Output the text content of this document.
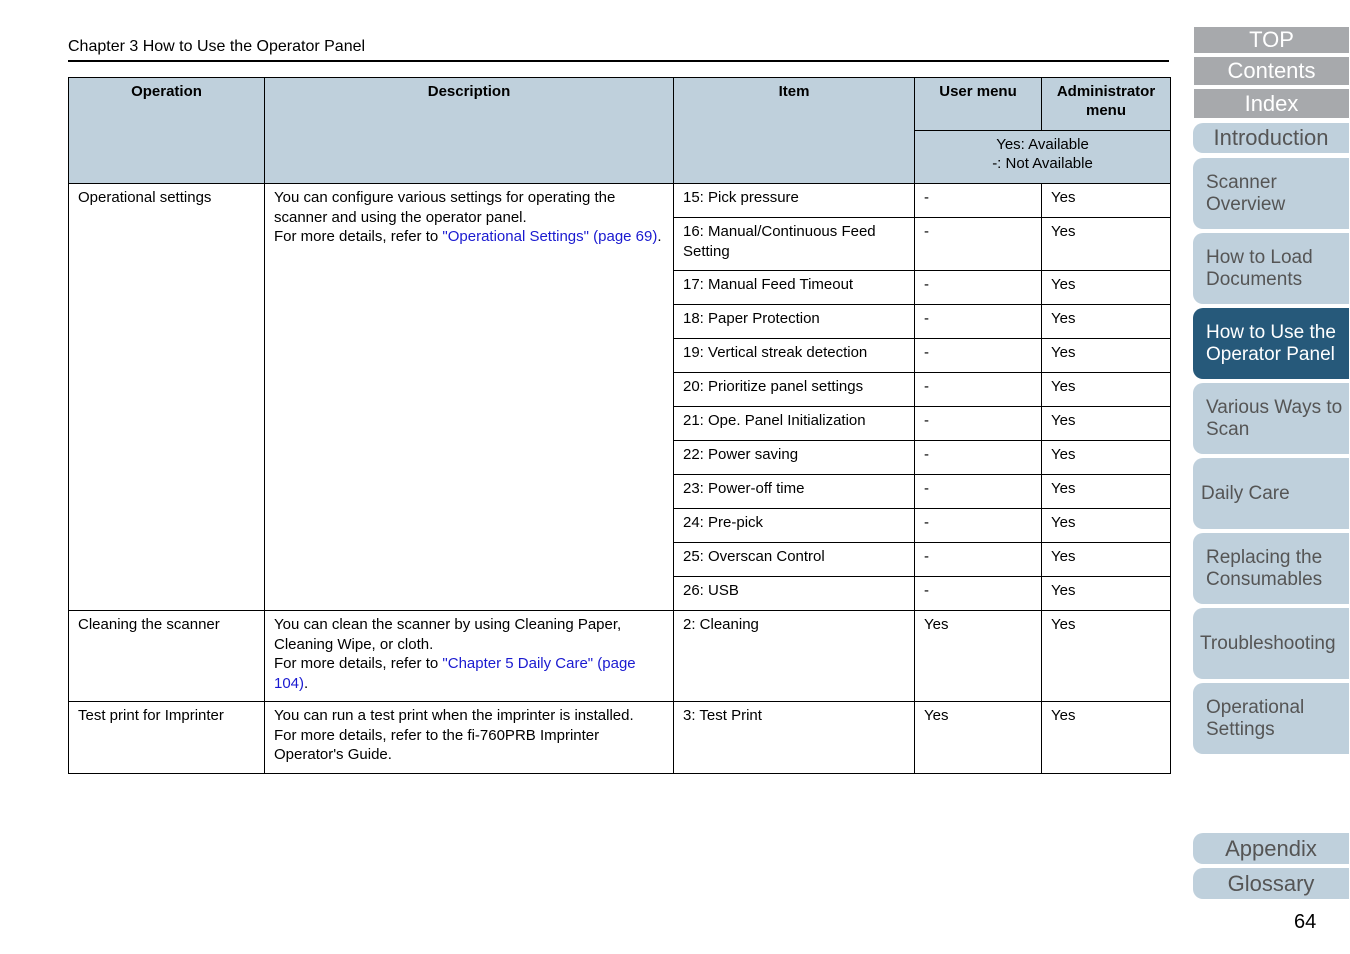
Chapter 3 How to Use the Operator Panel
Operation	Description	Item	User menu	Administrator menu

			Yes: Available
-: Not Available	

Operational settings	You can configure various settings for operating the scanner and using the operator panel.
For more details, refer to "Operational Settings" (page 69).	15: Pick pressure	-	Yes
		16: Manual/Continuous Feed Setting	-	Yes
		17: Manual Feed Timeout	-	Yes
		18: Paper Protection	-	Yes
		19: Vertical streak detection	-	Yes
		20: Prioritize panel settings	-	Yes
		21: Ope. Panel Initialization	-	Yes
		22: Power saving	-	Yes
		23: Power-off time	-	Yes
		24: Pre-pick	-	Yes
		25: Overscan Control	-	Yes
		26: USB	-	Yes
Cleaning the scanner	You can clean the scanner by using Cleaning Paper, Cleaning Wipe, or cloth.
For more details, refer to "Chapter 5 Daily Care" (page 104).	2: Cleaning	Yes	Yes
Test print for Imprinter	You can run a test print when the imprinter is installed.
For more details, refer to the fi-760PRB Imprinter Operator's Guide.	3: Test Print	Yes	Yes
TOP
Contents
Index
Introduction
Scanner Overview
How to Load Documents
How to Use the Operator Panel
Various Ways to Scan
Daily Care
Replacing the Consumables
Troubleshooting
Operational Settings
Appendix
Glossary
64
